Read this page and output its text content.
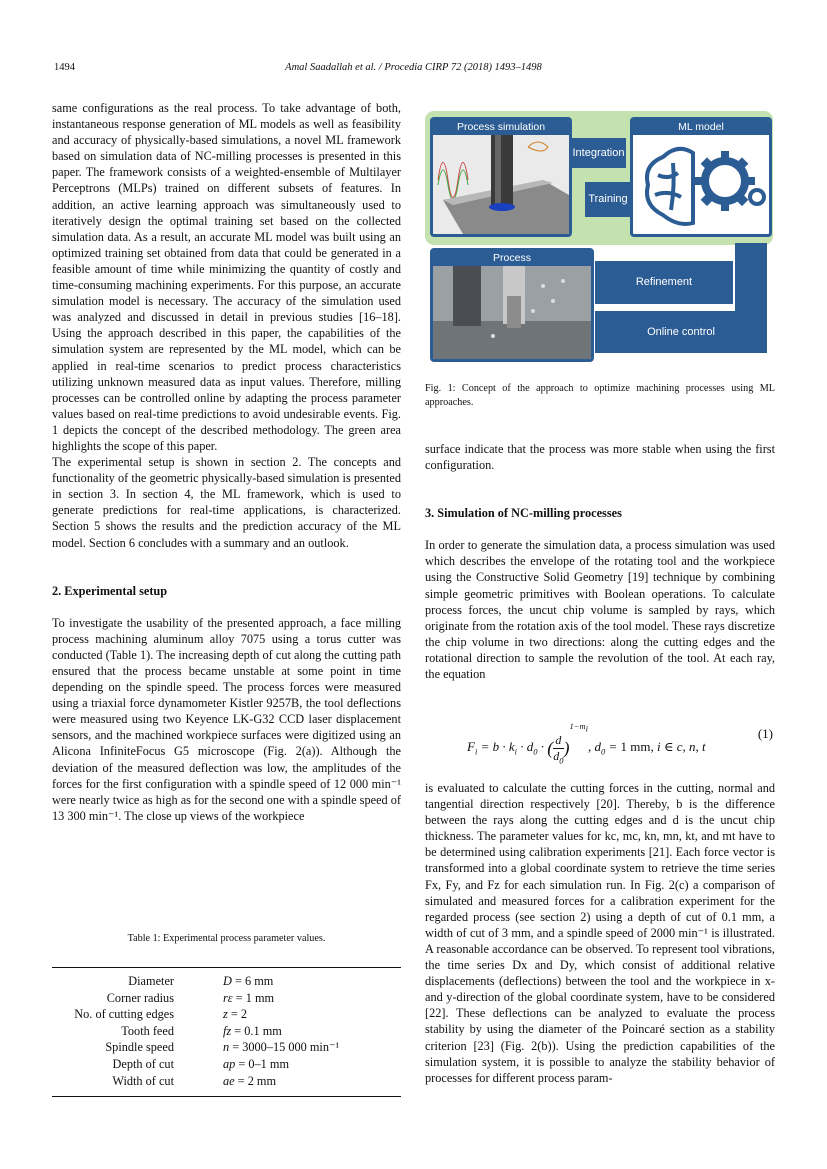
1494	Amal Saadallah et al. / Procedia CIRP 72 (2018) 1493–1498

same configurations as the real process. To take advantage of both, instantaneous response generation of ML models as well as feasibility and accuracy of physically-based simulations, a novel ML framework based on simulation data of NC-milling processes is presented in this paper. The framework consists of a weighted-ensemble of Multilayer Perceptrons (MLPs) trained on different subsets of features. In addition, an active learning approach was simultaneously used to iteratively design the optimal training set based on the collected simulation data. As a result, an accurate ML model was built using an optimized training set obtained from data that could be generated in a feasible amount of time while minimizing the quantity of costly and time-consuming machining experiments. For this purpose, an accurate simulation model is necessary. The accuracy of the simulation used was analyzed and discussed in detail in previous studies [16–18]. Using the approach described in this paper, the capabilities of the simulation system are represented by the ML model, which can be applied in real-time scenarios to predict process characteristics utilizing unknown measured data as input values. Therefore, milling processes can be controlled online by adapting the process parameter values based on real-time predictions to avoid undesirable events. Fig. 1 depicts the concept of the described methodology. The green area highlights the scope of this paper.

The experimental setup is shown in section 2. The concepts and functionality of the geometric physically-based simulation is presented in section 3. In section 4, the ML framework, which is used to generate predictions for real-time applications, is characterized. Section 5 shows the results and the prediction accuracy of the ML model. Section 6 concludes with a summary and an outlook.

2. Experimental setup

To investigate the usability of the presented approach, a face milling process machining aluminum alloy 7075 using a torus cutter was conducted (Table 1). The increasing depth of cut along the cutting path ensured that the process became unstable at some point in time depending on the spindle speed. The process forces were measured using a triaxial force dynamometer Kistler 9257B, the tool deflections were measured using two Keyence LK-G32 CCD laser displacement sensors, and the machined workpiece surfaces were digitized using an Alicona InfiniteFocus G5 microscope (Fig. 2(a)). Although the deviation of the measured deflection was low, the amplitudes of the forces for the first configuration with a spindle speed of 12 000 min⁻¹ were nearly twice as high as for the second one with a spindle speed of 13 300 min⁻¹. The close up views of the workpiece

Table 1: Experimental process parameter values.
Diameter	D = 6 mm
Corner radius	rε = 1 mm
No. of cutting edges	z = 2
Tooth feed	fz = 0.1 mm
Spindle speed	n = 3000–15 000 min⁻¹
Depth of cut	ap = 0–1 mm
Width of cut	ae = 2 mm
Process simulation
Integration
Training
ML model
Process
Refinement
Online control
Fig. 1: Concept of the approach to optimize machining processes using ML approaches.

surface indicate that the process was more stable when using the first configuration.

3. Simulation of NC-milling processes

In order to generate the simulation data, a process simulation was used which describes the envelope of the rotating tool and the workpiece using the Constructive Solid Geometry [19] technique by combining simple geometric primitives with Boolean operations. To calculate process forces, the uncut chip volume is sampled by rays, which originate from the rotation axis of the tool model. These rays discretize the chip volume in two directions: along the cutting edges and the rotational direction to sample the revolution of the tool. At each ray, the equation

$F_i = b \cdot k_i \cdot d_0$ · ( $\frac{d}{d_0} )^{1-m_i}$, $d_0 = 1$ mm, i ∈ c, n, t
(1)

is evaluated to calculate the cutting forces in the cutting, normal and tangential direction respectively [20]. Thereby, b is the difference between the rays along the cutting edges and d is the uncut chip thickness. The parameter values for kc, mc, kn, mn, kt, and mt have to be determined using calibration experiments [21]. Each force vector is transformed into a global coordinate system to retrieve the time series Fx, Fy, and Fz for each simulation run. In Fig. 2(c) a comparison of simulated and measured forces for a calibration experiment for the regarded process (see section 2) using a depth of cut of 0.1 mm, a width of cut of 3 mm, and a spindle speed of 2000 min⁻¹ is illustrated. A reasonable accordance can be observed. To represent tool vibrations, the time series Dx and Dy, which consist of additional relative displacements (deflections) between the tool and the workpiece in x- and y-direction of the global coordinate system, have to be considered [22]. These deflections can be analyzed to evaluate the process stability by using the diameter of the Poincaré section as a stability criterion [23] (Fig. 2(b)). Using the prediction capabilities of the simulation system, it is possible to analyze the stability behavior of processes for different process param-
